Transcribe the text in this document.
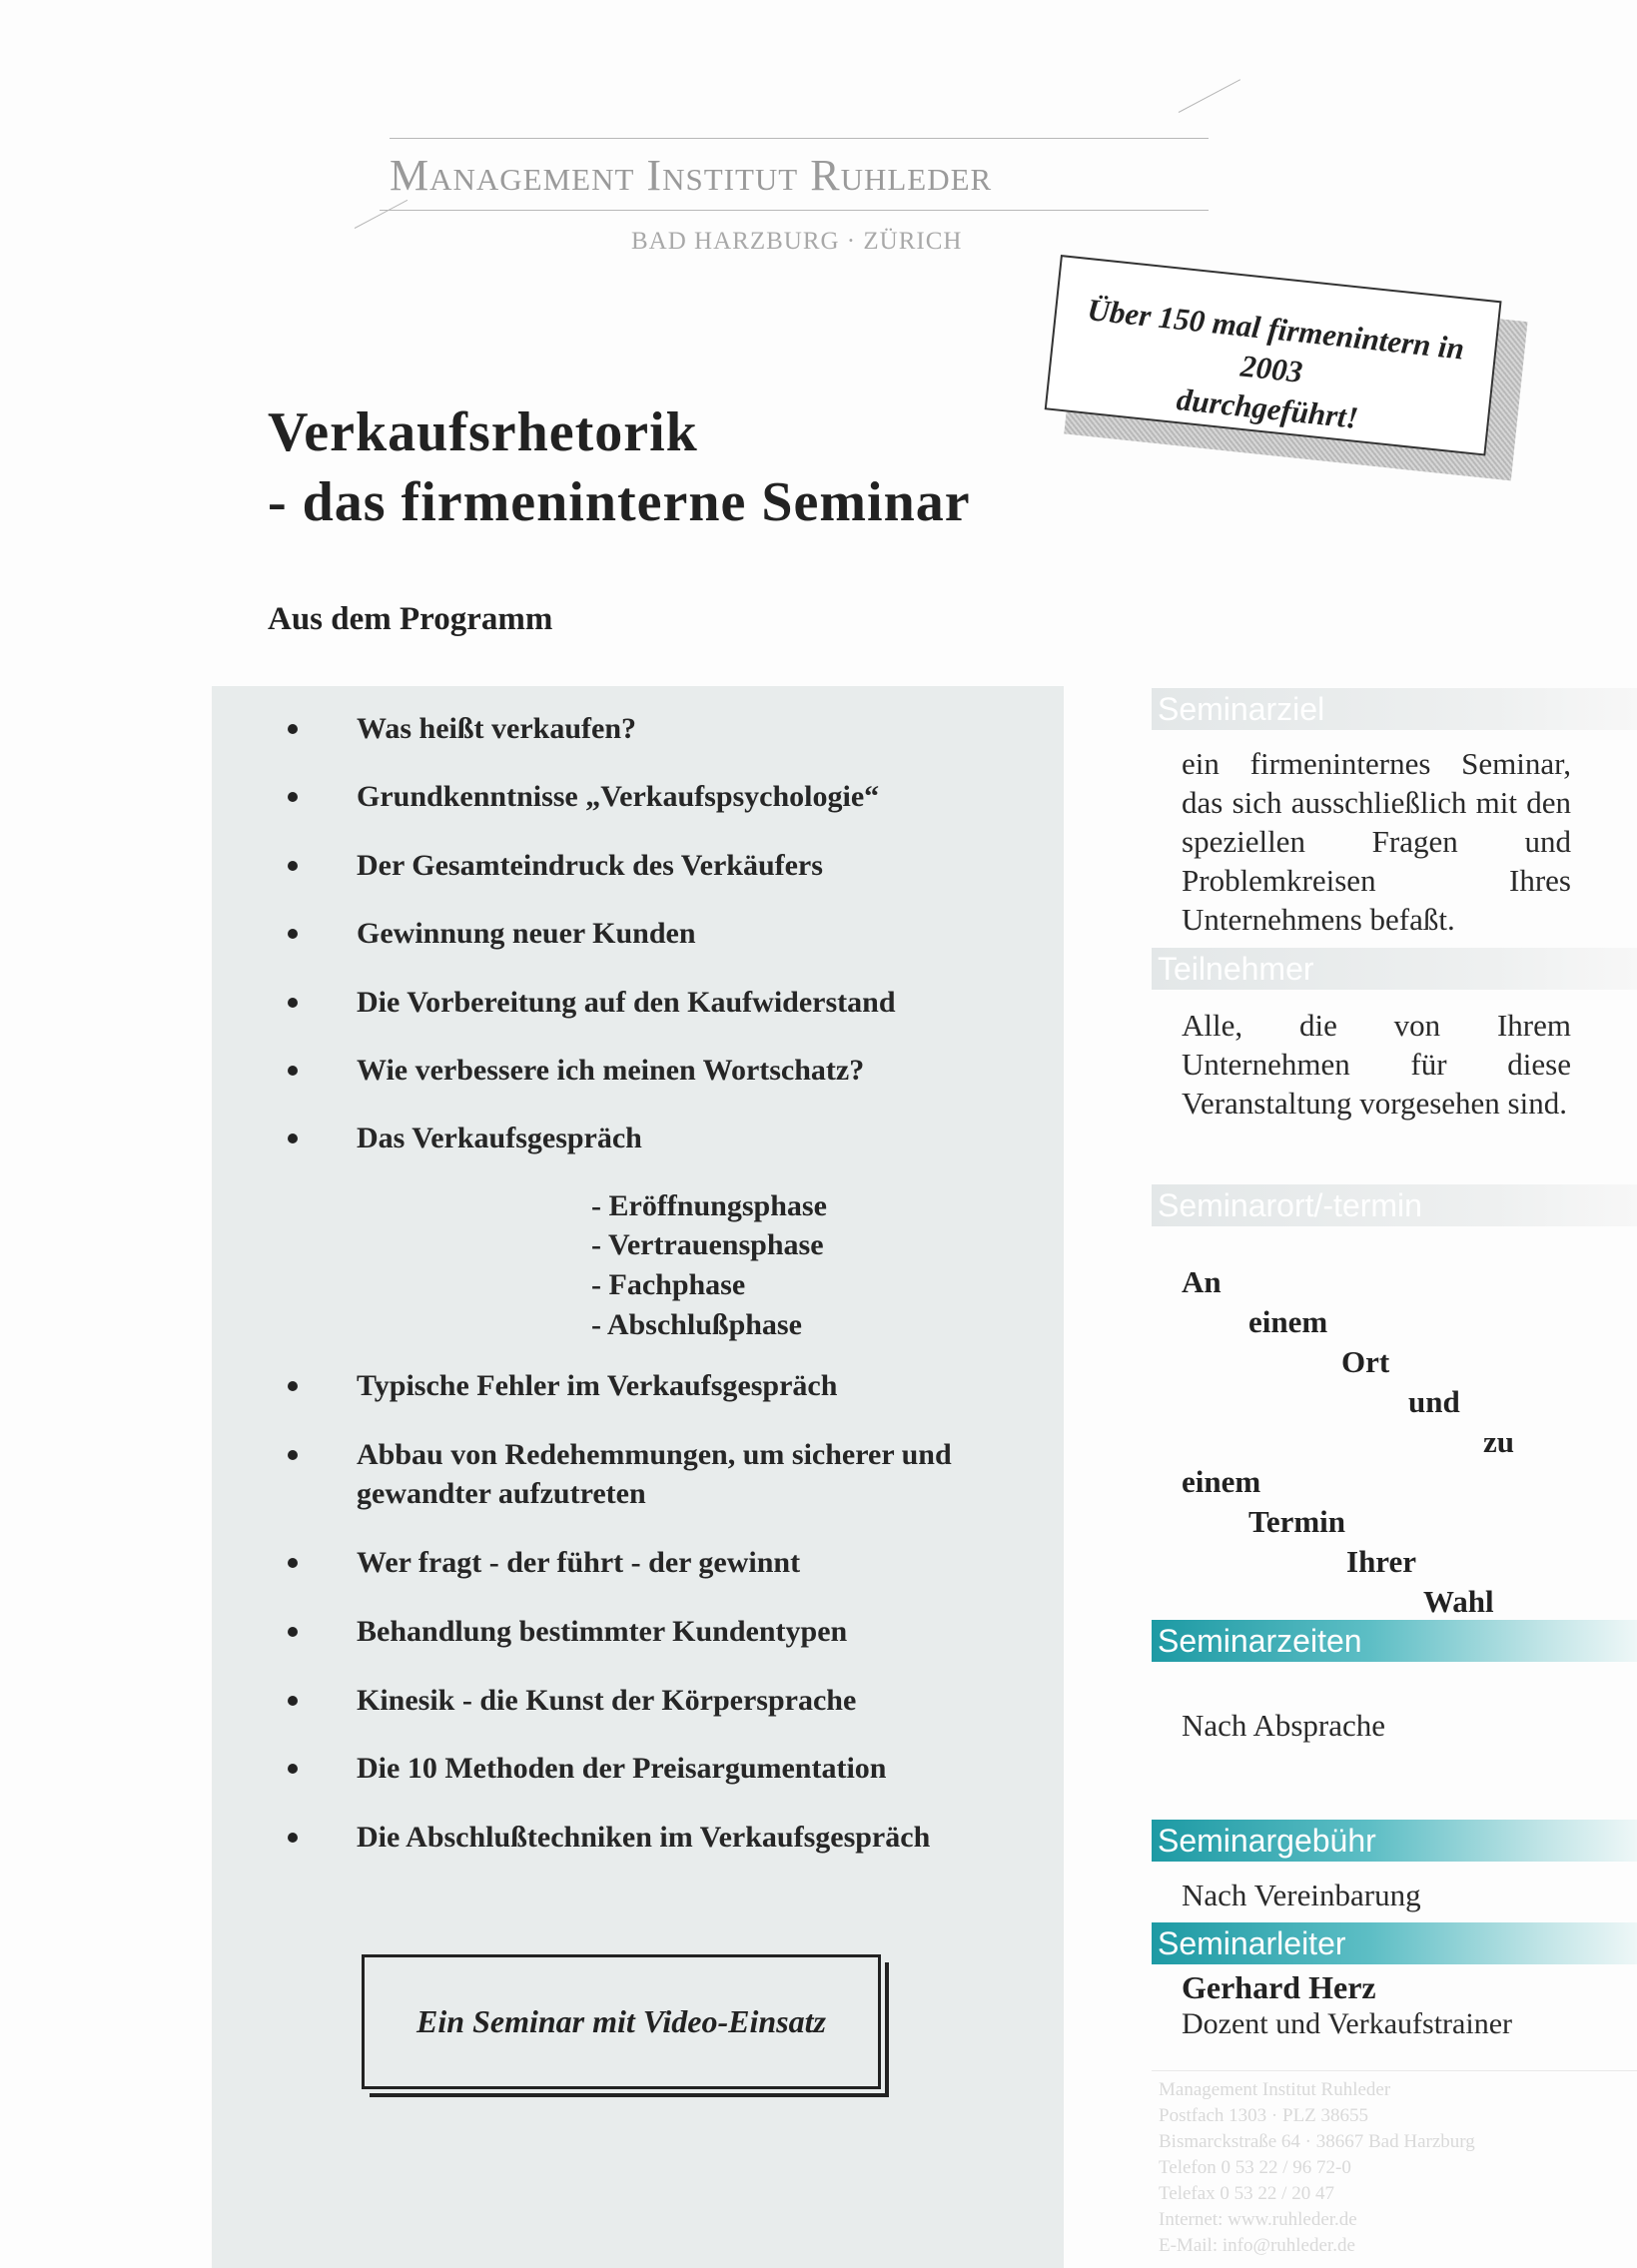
Management Institut Ruhleder
BAD HARZBURG · ZÜRICH
Über 150 mal firmenintern in 2003
durchgeführt!
Verkaufsrhetorik
- das firmeninterne Seminar
Aus dem Programm
Was heißt verkaufen?
Grundkenntnisse „Verkaufspsychologie“
Der Gesamteindruck des Verkäufers
Gewinnung neuer Kunden
Die Vorbereitung auf den Kaufwiderstand
Wie verbessere ich meinen Wortschatz?
Das Verkaufsgespräch
- Eröffnungsphase
- Vertrauensphase
- Fachphase
- Abschlußphase
Typische Fehler im Verkaufsgespräch
Abbau von Redehemmungen, um sicherer und
gewandter aufzutreten
Wer fragt - der führt - der gewinnt
Behandlung bestimmter Kundentypen
Kinesik - die Kunst der Körpersprache
Die 10 Methoden der Preisargumentation
Die Abschlußtechniken im Verkaufsgespräch
Ein Seminar mit Video-Einsatz
Seminarziel
ein firmeninternes Seminar, das sich ausschließlich mit den speziellen Fragen und Problemkreisen Ihres Unternehmens befaßt.
Teilnehmer
Alle, die von Ihrem Unternehmen für diese Veranstaltung vorgesehen sind.
Seminarort/-termin
An
einem
Ort
und
zu
einem
Termin
Ihrer
Wahl
Seminarzeiten
Nach Absprache
Seminargebühr
Nach Vereinbarung
Seminarleiter
Gerhard Herz
Dozent und Verkaufstrainer
Management Institut Ruhleder
Postfach 1303 · PLZ 38655
Bismarckstraße 64 · 38667 Bad Harzburg
Telefon 0 53 22 / 96 72-0
Telefax 0 53 22 / 20 47
Internet: www.ruhleder.de
E-Mail: info@ruhleder.de
